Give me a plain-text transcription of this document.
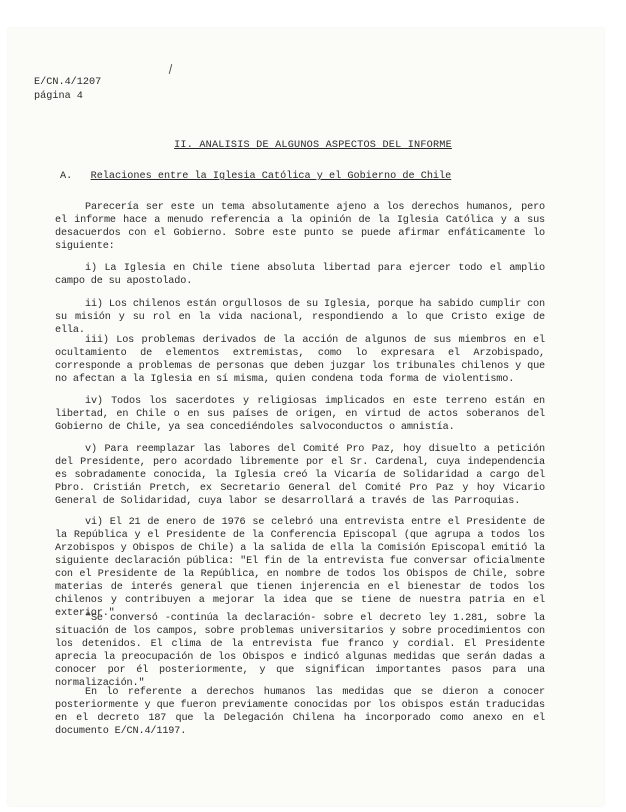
E/CN.4/1207
página 4
II. ANALISIS DE ALGUNOS ASPECTOS DEL INFORME
A. Relaciones entre la Iglesia Católica y el Gobierno de Chile

Parecería ser este un tema absolutamente ajeno a los derechos humanos, pero el informe hace a menudo referencia a la opinión de la Iglesia Católica y a sus desacuerdos con el Gobierno. Sobre este punto se puede afirmar enfáticamente lo siguiente:

i) La Iglesia en Chile tiene absoluta libertad para ejercer todo el amplio campo de su apostolado.

ii) Los chilenos están orgullosos de su Iglesia, porque ha sabido cumplir con su misión y su rol en la vida nacional, respondiendo a lo que Cristo exige de ella.

iii) Los problemas derivados de la acción de algunos de sus miembros en el ocultamiento de elementos extremistas, como lo expresara el Arzobispado, corresponde a problemas de personas que deben juzgar los tribunales chilenos y que no afectan a la Iglesia en sí misma, quien condena toda forma de violentismo.

iv) Todos los sacerdotes y religiosas implicados en este terreno están en libertad, en Chile o en sus países de origen, en virtud de actos soberanos del Gobierno de Chile, ya sea concediéndoles salvoconductos o amnistía.

v) Para reemplazar las labores del Comité Pro Paz, hoy disuelto a petición del Presidente, pero acordado libremente por el Sr. Cardenal, cuya independencia es sobradamente conocida, la Iglesia creó la Vicaría de Solidaridad a cargo del Pbro. Cristián Pretch, ex Secretario General del Comité Pro Paz y hoy Vicario General de Solidaridad, cuya labor se desarrollará a través de las Parroquias.

vi) El 21 de enero de 1976 se celebró una entrevista entre el Presidente de la República y el Presidente de la Conferencia Episcopal (que agrupa a todos los Arzobispos y Obispos de Chile) a la salida de ella la Comisión Episcopal emitió la siguiente declaración pública: "El fin de la entrevista fue conversar oficialmente con el Presidente de la República, en nombre de todos los Obispos de Chile, sobre materias de interés general que tienen injerencia en el bienestar de todos los chilenos y contribuyen a mejorar la idea que se tiene de nuestra patria en el exterior."

"Se conversó -continúa la declaración- sobre el decreto ley 1.281, sobre la situación de los campos, sobre problemas universitarios y sobre procedimientos con los detenidos. El clima de la entrevista fue franco y cordial. El Presidente aprecia la preocupación de los Obispos e indicó algunas medidas que serán dadas a conocer por él posteriormente, y que significan importantes pasos para una normalización."

En lo referente a derechos humanos las medidas que se dieron a conocer posteriormente y que fueron previamente conocidas por los obispos están traducidas en el decreto 187 que la Delegación Chilena ha incorporado como anexo en el documento E/CN.4/1197.
